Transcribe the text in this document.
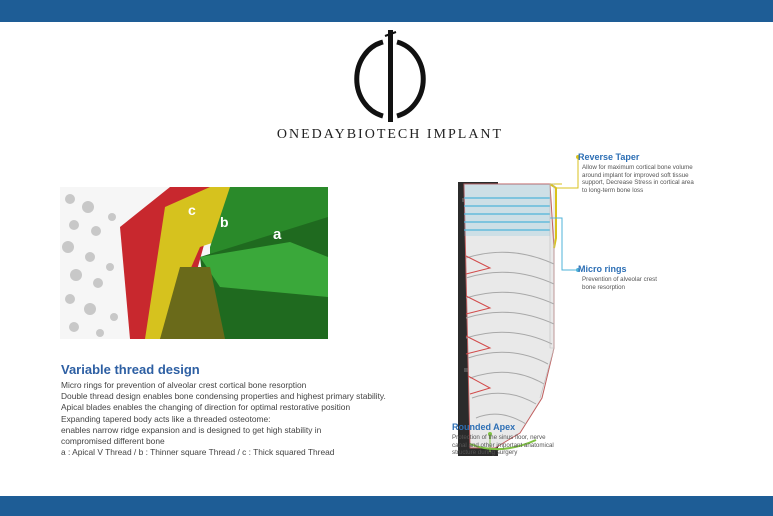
ONEDAYBIOTECH IMPLANT
c
b
a
Variable thread design
Micro rings for prevention of alveolar crest cortical bone resorption
Double thread design enables bone condensing properties and highest primary stability.
Apical blades enables the changing of direction for optimal restorative position
Expanding tapered body acts like a threaded osteotome:
enables narrow ridge expansion and is designed to get high stability in
compromised different bone
a : Apical V Thread / b : Thinner square Thread / c : Thick squared Thread
Reverse Taper
Allow for maximum cortical bone volume
around implant for improved soft tissue
support, Decrease Stress in cortical area
to long-term bone loss
Micro rings
Prevention of alveolar crest
bone resorption
Rounded Apex
Protection of the sinus floor, nerve
canal and other important anatomical
structure during surgery
